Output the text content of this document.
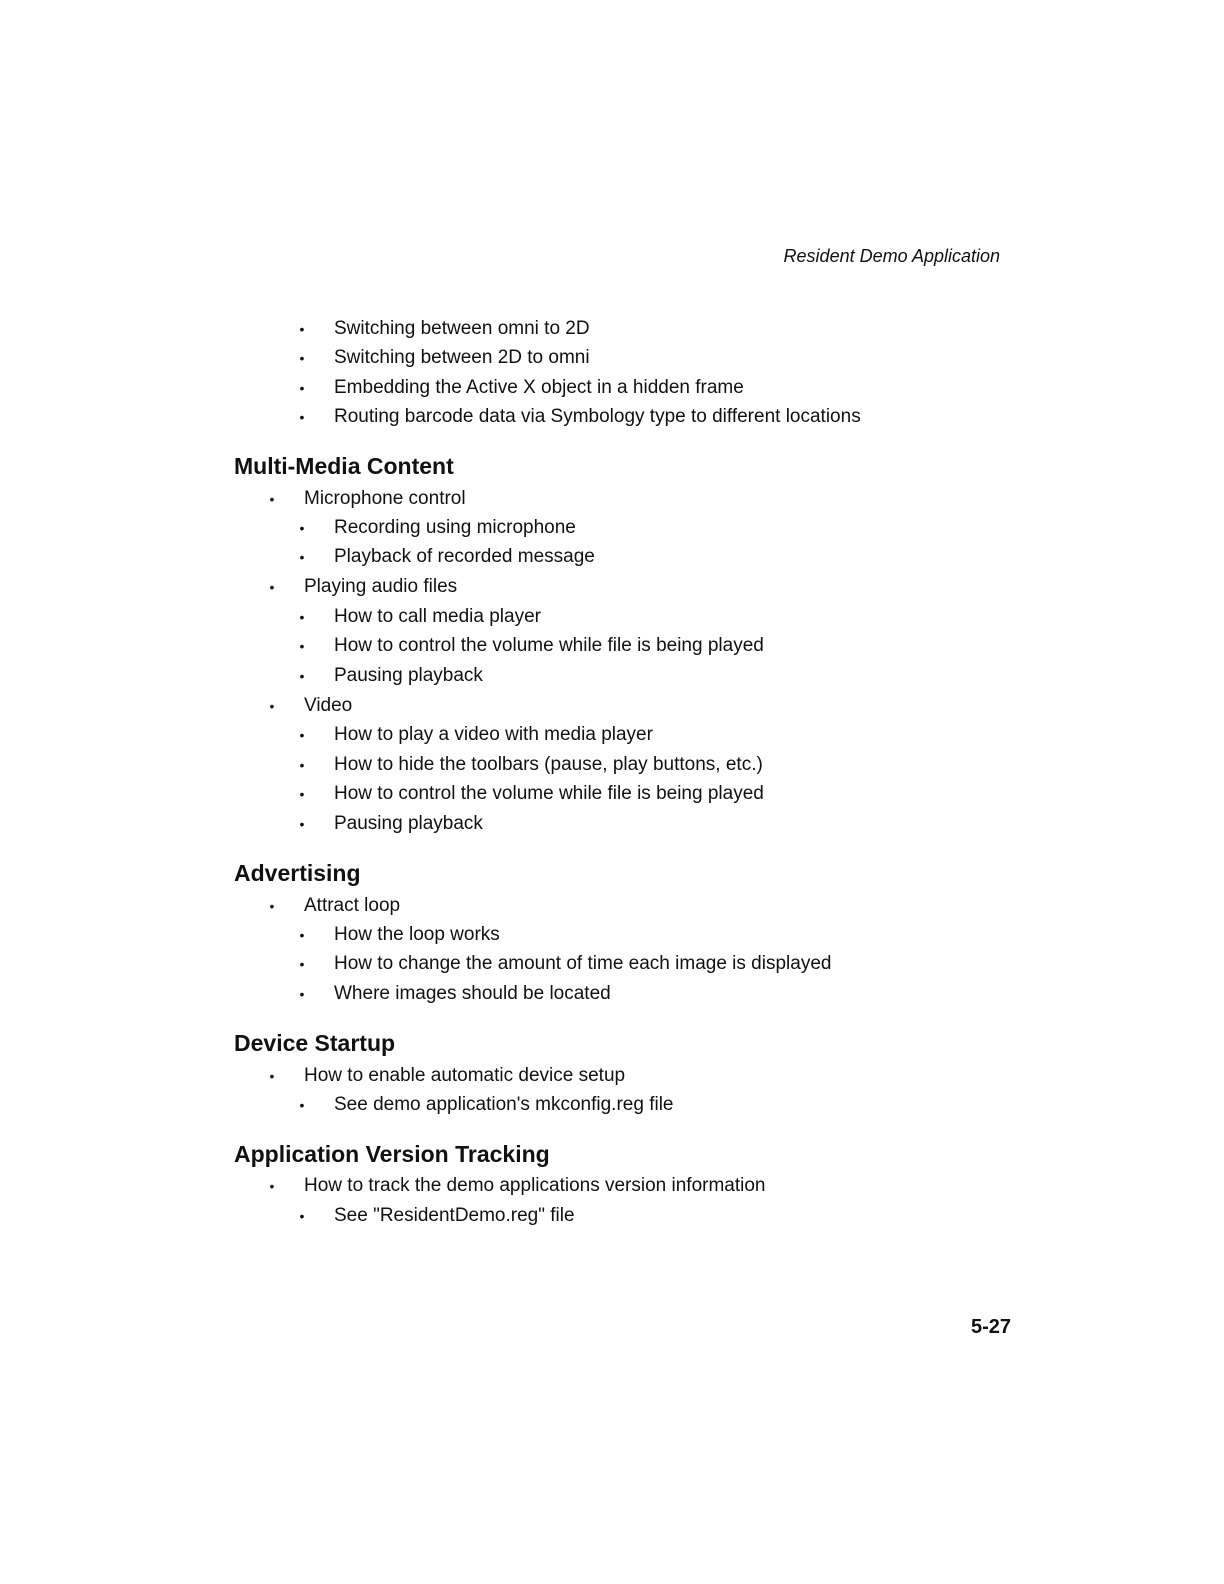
Resident Demo Application
• Switching between omni to 2D
• Switching between 2D to omni
• Embedding the Active X object in a hidden frame
• Routing barcode data via Symbology type to different locations
Multi-Media Content
• Microphone control
• Recording using microphone
• Playback of recorded message
• Playing audio files
• How to call media player
• How to control the volume while file is being played
• Pausing playback
• Video
• How to play a video with media player
• How to hide the toolbars (pause, play buttons, etc.)
• How to control the volume while file is being played
• Pausing playback
Advertising
• Attract loop
• How the loop works
• How to change the amount of time each image is displayed
• Where images should be located
Device Startup
• How to enable automatic device setup
• See demo application's mkconfig.reg file
Application Version Tracking
• How to track the demo applications version information
• See "ResidentDemo.reg" file
5-27
